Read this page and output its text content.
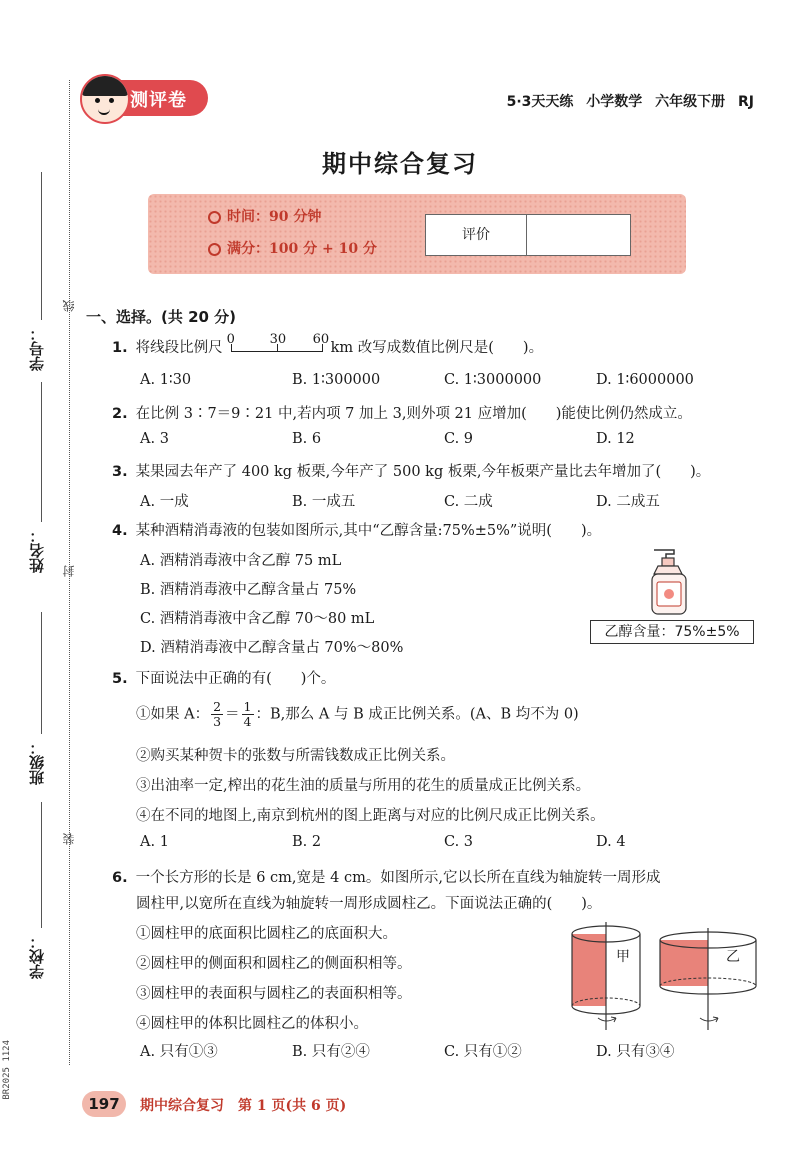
线
封
装
学号：
姓名：
班级：
学校：
BR2025 1124
测评卷	5·3天天练 小学数学 六年级下册 RJ
期中综合复习
时间：90 分钟
满分：100 分 + 10 分
评价
一、选择。(共 20 分)
1. 将线段比例尺
0	30 60
km 改写成数值比例尺是(　　)。
A. 1∶30	B. 1∶300000	C. 1∶3000000	D. 1∶6000000
2. 在比例 3∶7＝9∶21 中,若内项 7 加上 3,则外项 21 应增加(　　)能使比例仍然成立。
A. 3	B. 6	C. 9	D. 12
3. 某果园去年产了 400 kg 板栗,今年产了 500 kg 板栗,今年板栗产量比去年增加了(　　)。
A. 一成	B. 一成五	C. 二成	D. 二成五
4. 某种酒精消毒液的包装如图所示,其中“乙醇含量:75%±5%”说明(　　)。
A. 酒精消毒液中含乙醇 75 mL
B. 酒精消毒液中乙醇含量占 75%
C. 酒精消毒液中含乙醇 70～80 mL
D. 酒精消毒液中乙醇含量占 70%～80%
乙醇含量：75%±5%
5. 下面说法中正确的有(　　)个。
①如果 A： $\frac{2}{3} = \frac{1}{4}$ ：B,那么 A 与 B 成正比例关系。(A、B 均不为 0)
②购买某种贺卡的张数与所需钱数成正比例关系。
③出油率一定,榨出的花生油的质量与所用的花生的质量成正比例关系。
④在不同的地图上,南京到杭州的图上距离与对应的比例尺成正比例关系。
A. 1	B. 2	C. 3	D. 4
6. 一个长方形的长是 6 cm,宽是 4 cm。如图所示,它以长所在直线为轴旋转一周形成
圆柱甲,以宽所在直线为轴旋转一周形成圆柱乙。下面说法正确的(　　)。
①圆柱甲的底面积比圆柱乙的底面积大。
②圆柱甲的侧面积和圆柱乙的侧面积相等。
③圆柱甲的表面积与圆柱乙的表面积相等。
④圆柱甲的体积比圆柱乙的体积小。
A. 只有①③	B. 只有②④	C. 只有①②	D. 只有③④
甲	乙
197	期中综合复习　第 1 页(共 6 页)
